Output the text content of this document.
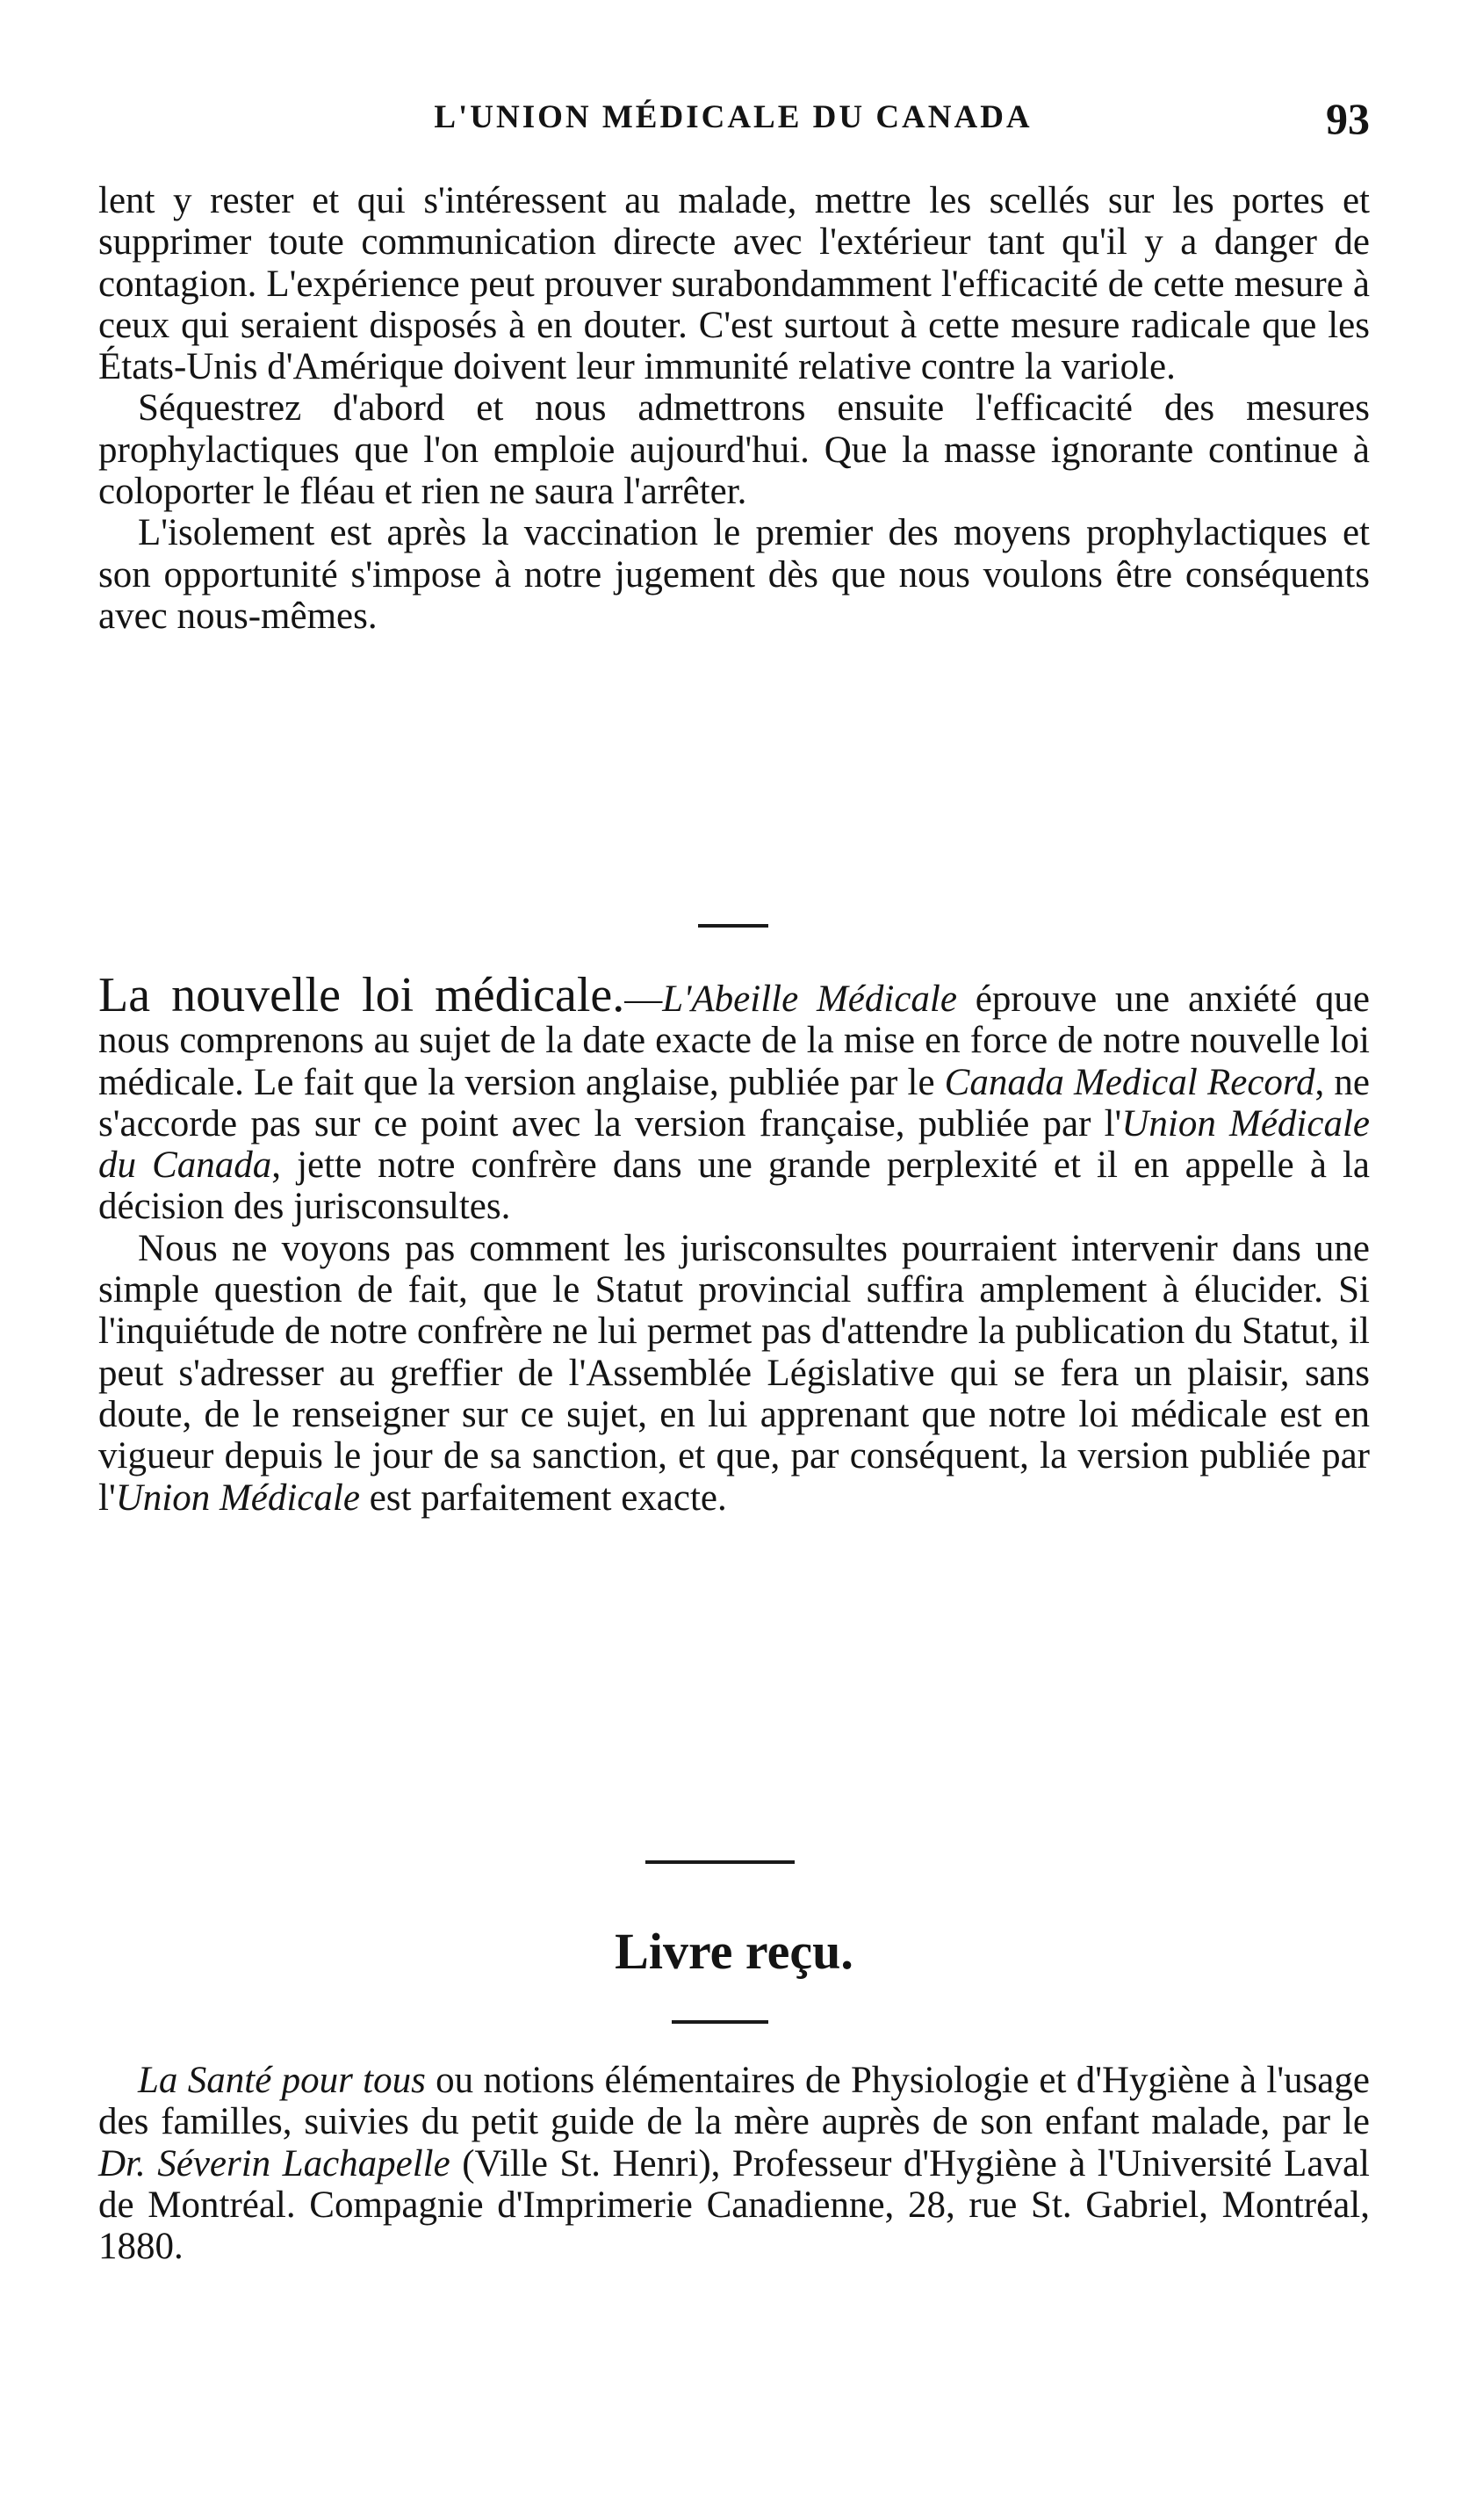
L'UNION MÉDICALE DU CANADA	93

lent y rester et qui s'intéressent au malade, mettre les scellés sur les portes et supprimer toute communication directe avec l'extérieur tant qu'il y a danger de contagion. L'expérience peut prouver surabondamment l'efficacité de cette mesure à ceux qui seraient disposés à en douter. C'est surtout à cette mesure radicale que les États-Unis d'Amérique doivent leur immunité relative contre la variole.

Séquestrez d'abord et nous admettrons ensuite l'efficacité des mesures prophylactiques que l'on emploie aujourd'hui. Que la masse ignorante continue à coloporter le fléau et rien ne saura l'arrêter.

L'isolement est après la vaccination le premier des moyens prophylactiques et son opportunité s'impose à notre jugement dès que nous voulons être conséquents avec nous-mêmes.

La nouvelle loi médicale.—L'Abeille Médicale éprouve une anxiété que nous comprenons au sujet de la date exacte de la mise en force de notre nouvelle loi médicale. Le fait que la version anglaise, publiée par le Canada Medical Record, ne s'accorde pas sur ce point avec la version française, publiée par l'Union Médicale du Canada, jette notre confrère dans une grande perplexité et il en appelle à la décision des jurisconsultes.

Nous ne voyons pas comment les jurisconsultes pourraient intervenir dans une simple question de fait, que le Statut provincial suffira amplement à élucider. Si l'inquiétude de notre confrère ne lui permet pas d'attendre la publication du Statut, il peut s'adresser au greffier de l'Assemblée Législative qui se fera un plaisir, sans doute, de le renseigner sur ce sujet, en lui apprenant que notre loi médicale est en vigueur depuis le jour de sa sanction, et que, par conséquent, la version publiée par l'Union Médicale est parfaitement exacte.

Livre reçu.

La Santé pour tous ou notions élémentaires de Physiologie et d'Hygiène à l'usage des familles, suivies du petit guide de la mère auprès de son enfant malade, par le Dr. Séverin Lachapelle (Ville St. Henri), Professeur d'Hygiène à l'Université Laval de Montréal. Compagnie d'Imprimerie Canadienne, 28, rue St. Gabriel, Montréal, 1880.
